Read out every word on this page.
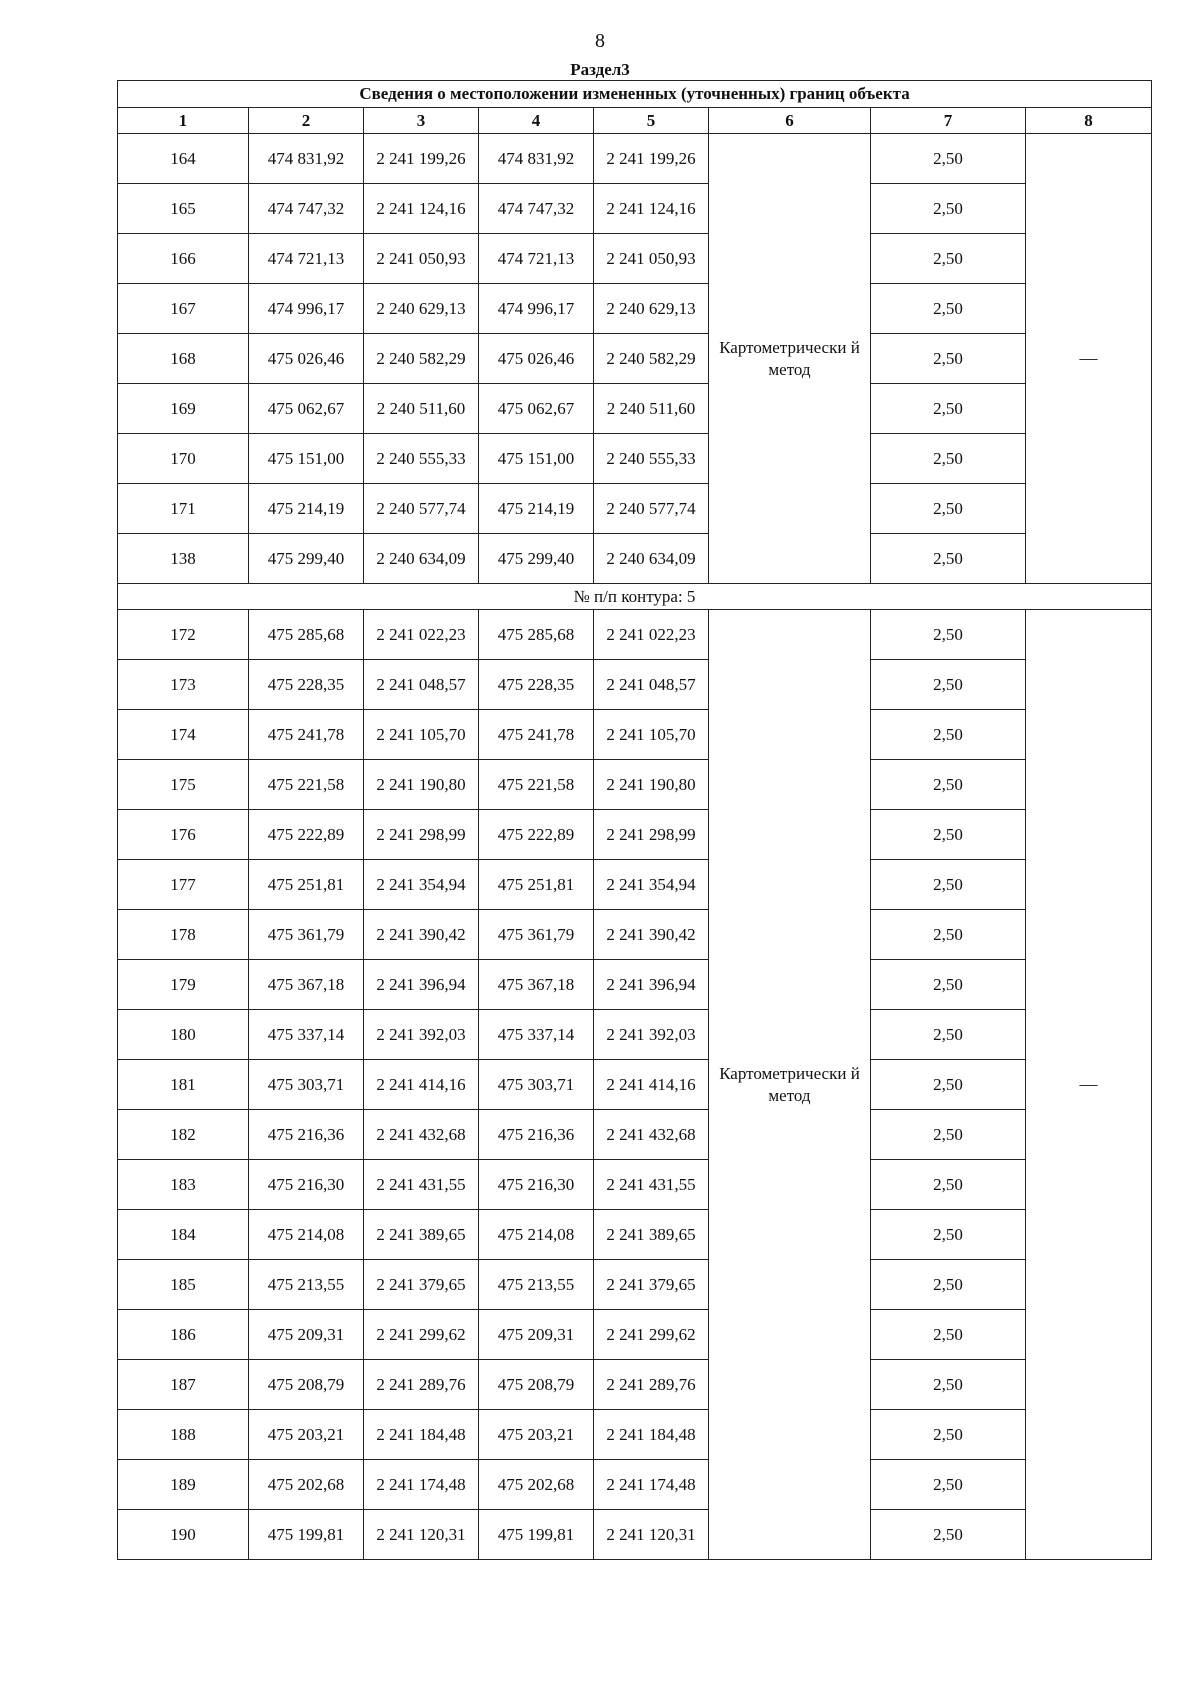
8
Раздел3
Сведения о местоположении измененных (уточненных) границ объекта							
1	2	3	4	5	6	7	8
164	474 831,92	2 241 199,26	474 831,92	2 241 199,26	Картометрически й метод	2,50	—
165	474 747,32	2 241 124,16	474 747,32	2 241 124,16		2,50	
166	474 721,13	2 241 050,93	474 721,13	2 241 050,93		2,50	
167	474 996,17	2 240 629,13	474 996,17	2 240 629,13		2,50	
168	475 026,46	2 240 582,29	475 026,46	2 240 582,29		2,50	
169	475 062,67	2 240 511,60	475 062,67	2 240 511,60		2,50	
170	475 151,00	2 240 555,33	475 151,00	2 240 555,33		2,50	
171	475 214,19	2 240 577,74	475 214,19	2 240 577,74		2,50	
138	475 299,40	2 240 634,09	475 299,40	2 240 634,09		2,50	
№ п/п контура: 5							
172	475 285,68	2 241 022,23	475 285,68	2 241 022,23	Картометрически й метод	2,50	—
173	475 228,35	2 241 048,57	475 228,35	2 241 048,57		2,50	
174	475 241,78	2 241 105,70	475 241,78	2 241 105,70		2,50	
175	475 221,58	2 241 190,80	475 221,58	2 241 190,80		2,50	
176	475 222,89	2 241 298,99	475 222,89	2 241 298,99		2,50	
177	475 251,81	2 241 354,94	475 251,81	2 241 354,94		2,50	
178	475 361,79	2 241 390,42	475 361,79	2 241 390,42		2,50	
179	475 367,18	2 241 396,94	475 367,18	2 241 396,94		2,50	
180	475 337,14	2 241 392,03	475 337,14	2 241 392,03		2,50	
181	475 303,71	2 241 414,16	475 303,71	2 241 414,16		2,50	
182	475 216,36	2 241 432,68	475 216,36	2 241 432,68		2,50	
183	475 216,30	2 241 431,55	475 216,30	2 241 431,55		2,50	
184	475 214,08	2 241 389,65	475 214,08	2 241 389,65		2,50	
185	475 213,55	2 241 379,65	475 213,55	2 241 379,65		2,50	
186	475 209,31	2 241 299,62	475 209,31	2 241 299,62		2,50	
187	475 208,79	2 241 289,76	475 208,79	2 241 289,76		2,50	
188	475 203,21	2 241 184,48	475 203,21	2 241 184,48		2,50	
189	475 202,68	2 241 174,48	475 202,68	2 241 174,48		2,50	
190	475 199,81	2 241 120,31	475 199,81	2 241 120,31		2,50	
